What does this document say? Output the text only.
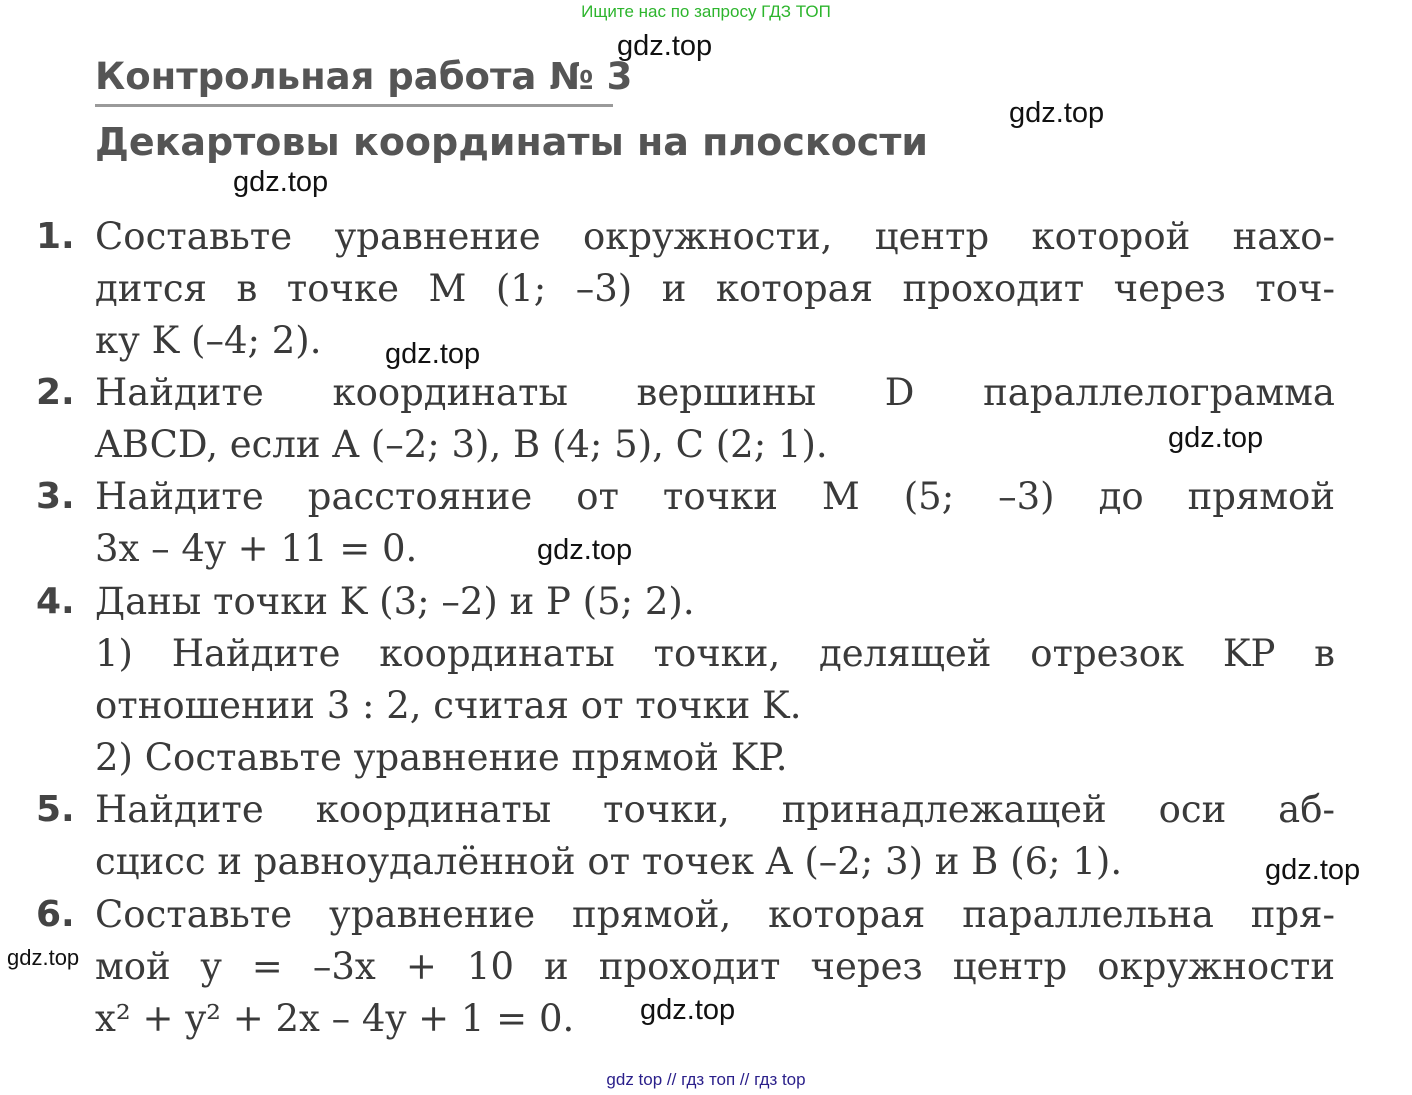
Ищите нас по запросу ГДЗ ТОП
Контрольная работа № 3
Декартовы координаты на плоскости
1. Составьте уравнение окружности, центр которой нахо-
дится в точке M (1; –3) и которая проходит через точ-
ку K (–4; 2).
2. Найдите координаты вершины D параллелограмма
ABCD, если A (–2; 3), B (4; 5), C (2; 1).
3. Найдите расстояние от точки M (5; –3) до прямой
3x – 4y + 11 = 0.
4. Даны точки K (3; –2) и P (5; 2).
1) Найдите координаты точки, делящей отрезок KP в
отношении 3 : 2, считая от точки K.
2) Составьте уравнение прямой KP.
5. Найдите координаты точки, принадлежащей оси аб-
сцисс и равноудалённой от точек A (–2; 3) и B (6; 1).
6. Составьте уравнение прямой, которая параллельна пря-
мой y = –3x + 10 и проходит через центр окружности
x² + y² + 2x – 4y + 1 = 0.
gdz.top
gdz.top
gdz.top
gdz.top
gdz.top
gdz.top
gdz.top
gdz.top
gdz.top
gdz top // гдз топ // гдз top
